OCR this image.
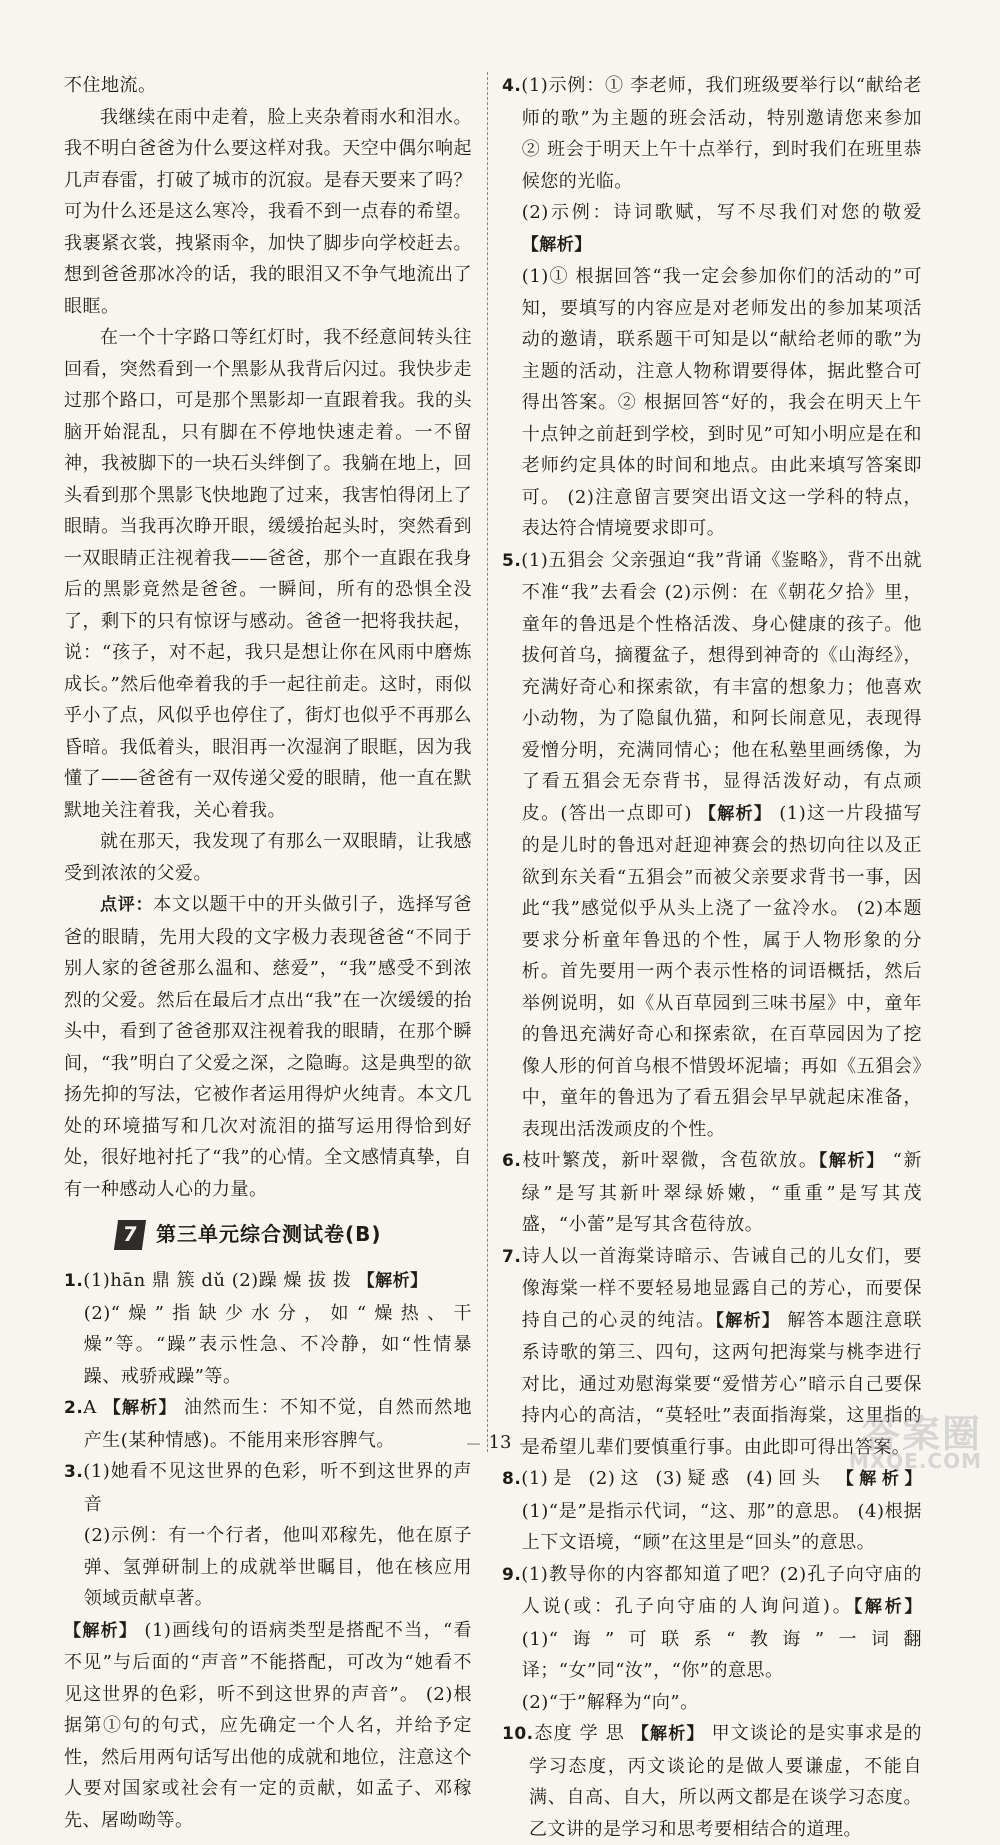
不住地流。

我继续在雨中走着，脸上夹杂着雨水和泪水。我不明白爸爸为什么要这样对我。天空中偶尔响起几声春雷，打破了城市的沉寂。是春天要来了吗？可为什么还是这么寒冷，我看不到一点春的希望。我裹紧衣裳，拽紧雨伞，加快了脚步向学校赶去。想到爸爸那冰冷的话，我的眼泪又不争气地流出了眼眶。

在一个十字路口等红灯时，我不经意间转头往回看，突然看到一个黑影从我背后闪过。我快步走过那个路口，可是那个黑影却一直跟着我。我的头脑开始混乱，只有脚在不停地快速走着。一不留神，我被脚下的一块石头绊倒了。我躺在地上，回头看到那个黑影飞快地跑了过来，我害怕得闭上了眼睛。当我再次睁开眼，缓缓抬起头时，突然看到一双眼睛正注视着我——爸爸，那个一直跟在我身后的黑影竟然是爸爸。一瞬间，所有的恐惧全没了，剩下的只有惊讶与感动。爸爸一把将我扶起，说：“孩子，对不起，我只是想让你在风雨中磨炼成长。”然后他牵着我的手一起往前走。这时，雨似乎小了点，风似乎也停住了，街灯也似乎不再那么昏暗。我低着头，眼泪再一次湿润了眼眶，因为我懂了——爸爸有一双传递父爱的眼睛，他一直在默默地关注着我，关心着我。

就在那天，我发现了有那么一双眼睛，让我感受到浓浓的父爱。

点评：本文以题干中的开头做引子，选择写爸爸的眼睛，先用大段的文字极力表现爸爸“不同于别人家的爸爸那么温和、慈爱”，“我”感受不到浓烈的父爱。然后在最后才点出“我”在一次缓缓的抬头中，看到了爸爸那双注视着我的眼睛，在那个瞬间，“我”明白了父爱之深，之隐晦。这是典型的欲扬先抑的写法，它被作者运用得炉火纯青。本文几处的环境描写和几次对流泪的描写运用得恰到好处，很好地衬托了“我”的心情。全文感情真挚，自有一种感动人心的力量。

7 第三单元综合测试卷(B)

1.(1)hān 鼎 簇 dǔ (2)躁 燥 拔 拨 【解析】

(2)“燥”指缺少水分，如“燥热、干燥”等。“躁”表示性急、不冷静，如“性情暴躁、戒骄戒躁”等。

2.A 【解析】 油然而生：不知不觉，自然而然地产生(某种情感)。不能用来形容脾气。

3.(1)她看不见这世界的色彩，听不到这世界的声音

(2)示例：有一个行者，他叫邓稼先，他在原子弹、氢弹研制上的成就举世瞩目，他在核应用领域贡献卓著。

【解析】 (1)画线句的语病类型是搭配不当，“看不见”与后面的“声音”不能搭配，可改为“她看不见这世界的色彩，听不到这世界的声音”。 (2)根据第①句的句式，应先确定一个人名，并给予定性，然后用两句话写出他的成就和地位，注意这个人要对国家或社会有一定的贡献，如孟子、邓稼先、屠呦呦等。

4.(1)示例：① 李老师，我们班级要举行以“献给老师的歌”为主题的班会活动，特别邀请您来参加 ② 班会于明天上午十点举行，到时我们在班里恭候您的光临。

(2)示例：诗词歌赋，写不尽我们对您的敬爱 【解析】

(1)① 根据回答“我一定会参加你们的活动的”可知，要填写的内容应是对老师发出的参加某项活动的邀请，联系题干可知是以“献给老师的歌”为主题的活动，注意人物称谓要得体，据此整合可得出答案。② 根据回答“好的，我会在明天上午十点钟之前赶到学校，到时见”可知小明应是在和老师约定具体的时间和地点。由此来填写答案即可。 (2)注意留言要突出语文这一学科的特点，表达符合情境要求即可。

5.(1)五猖会 父亲强迫“我”背诵《鉴略》，背不出就不准“我”去看会 (2)示例：在《朝花夕拾》里，童年的鲁迅是个性格活泼、身心健康的孩子。他拔何首乌，摘覆盆子，想得到神奇的《山海经》，充满好奇心和探索欲，有丰富的想象力；他喜欢小动物，为了隐鼠仇猫，和阿长闹意见，表现得爱憎分明，充满同情心；他在私塾里画绣像，为了看五猖会无奈背书，显得活泼好动，有点顽皮。(答出一点即可) 【解析】 (1)这一片段描写的是儿时的鲁迅对赶迎神赛会的热切向往以及正欲到东关看“五猖会”而被父亲要求背书一事，因此“我”感觉似乎从头上浇了一盆冷水。 (2)本题要求分析童年鲁迅的个性，属于人物形象的分析。首先要用一两个表示性格的词语概括，然后举例说明，如《从百草园到三味书屋》中，童年的鲁迅充满好奇心和探索欲，在百草园因为了挖像人形的何首乌根不惜毁坏泥墙；再如《五猖会》中，童年的鲁迅为了看五猖会早早就起床准备，表现出活泼顽皮的个性。

6.枝叶繁茂，新叶翠微，含苞欲放。【解析】 “新绿”是写其新叶翠绿娇嫩，“重重”是写其茂盛，“小蕾”是写其含苞待放。

7.诗人以一首海棠诗暗示、告诫自己的儿女们，要像海棠一样不要轻易地显露自己的芳心，而要保持自己的心灵的纯洁。【解析】 解答本题注意联系诗歌的第三、四句，这两句把海棠与桃李进行对比，通过劝慰海棠要“爱惜芳心”暗示自己要保持内心的高洁，“莫轻吐”表面指海棠，这里指的是希望儿辈们要慎重行事。由此即可得出答案。

8.(1)是 (2)这 (3)疑惑 (4)回头 【解析】 (1)“是”是指示代词，“这、那”的意思。 (4)根据上下文语境，“顾”在这里是“回头”的意思。

9.(1)教导你的内容都知道了吧？(2)孔子向守庙的人说(或：孔子向守庙的人询问道)。【解析】 (1)“诲”可联系“教诲”一词翻译；“女”同“汝”，“你”的意思。

(2)“于”解释为“向”。

10.态度 学 思 【解析】 甲文谈论的是实事求是的学习态度，丙文谈论的是做人要谦虚，不能自满、自高、自大，所以两文都是在谈学习态度。乙文讲的是学习和思考要相结合的道理。

— 13 —	答案圈
MXQE.COM
